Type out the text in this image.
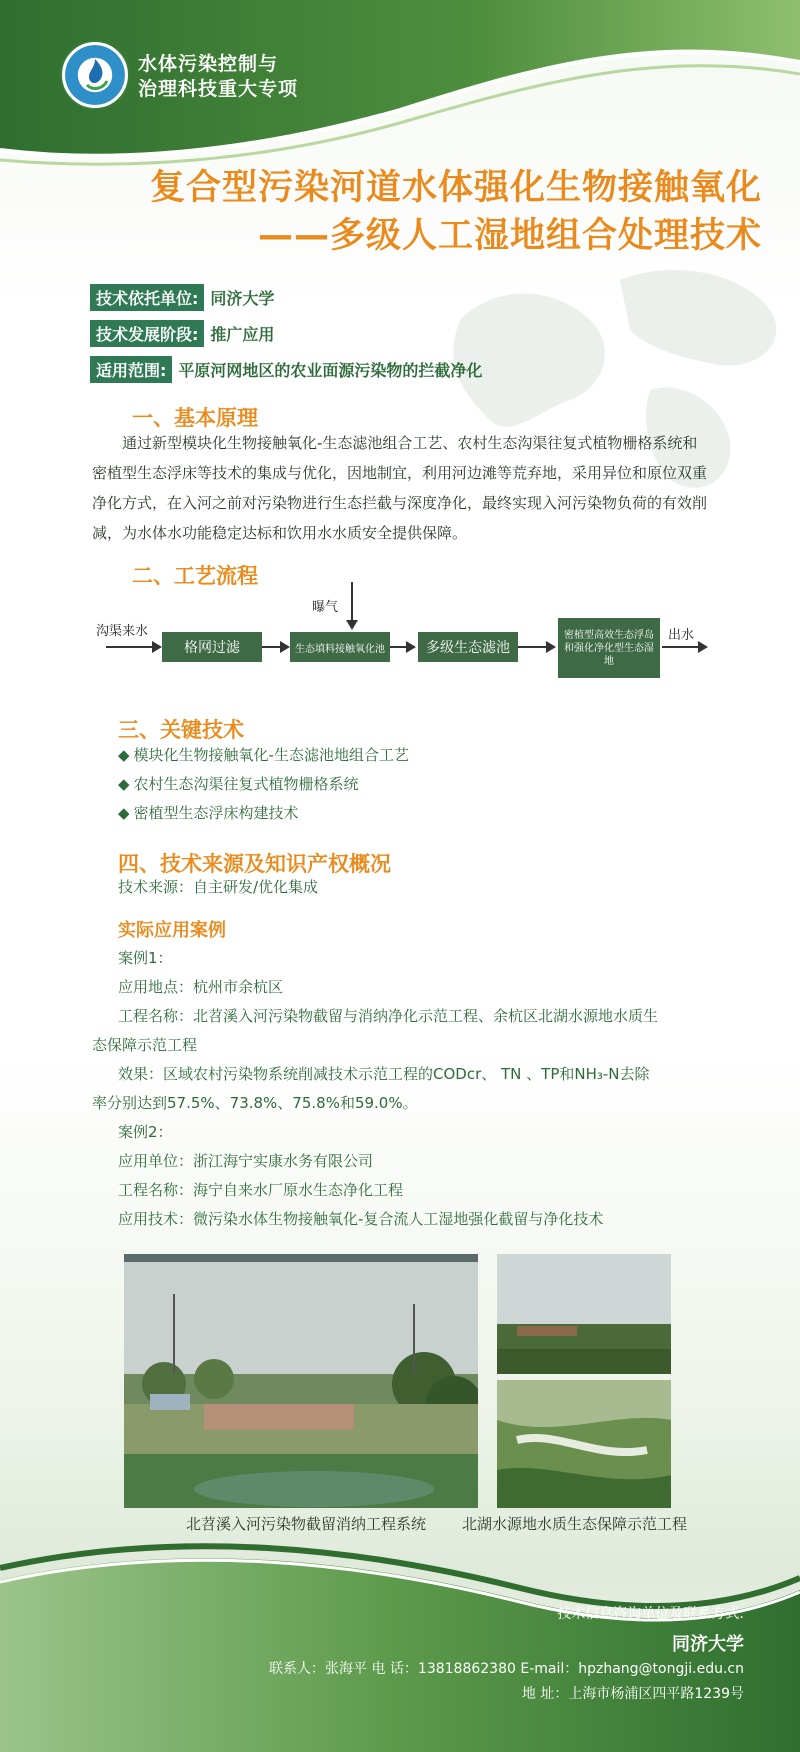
水体污染控制与
治理科技重大专项
复合型污染河道水体强化生物接触氧化
——多级人工湿地组合处理技术
技术依托单位: 同济大学
技术发展阶段: 推广应用
适用范围: 平原河网地区的农业面源污染物的拦截净化
一、基本原理
通过新型模块化生物接触氧化-生态滤池组合工艺、农村生态沟渠往复式植物栅格系统和密植型生态浮床等技术的集成与优化，因地制宜，利用河边滩等荒弃地，采用异位和原位双重净化方式，在入河之前对污染物进行生态拦截与深度净化，最终实现入河污染物负荷的有效削减，为水体水功能稳定达标和饮用水水质安全提供保障。
二、工艺流程
沟渠来水
格网过滤	生态填料接触氧化池
曝气
多级生态滤池
密植型高效生态浮岛和强化净化型生态湿地
出水
三、关键技术
◆ 模块化生物接触氧化-生态滤池地组合工艺
◆ 农村生态沟渠往复式植物栅格系统
◆ 密植型生态浮床构建技术
四、技术来源及知识产权概况
技术来源：自主研发/优化集成
实际应用案例
案例1：
应用地点：杭州市余杭区
工程名称：北苕溪入河污染物截留与消纳净化示范工程、余杭区北湖水源地水质生
态保障示范工程
效果：区域农村污染物系统削减技术示范工程的CODcr、 TN 、TP和NH₃-N去除
率分别达到57.5%、73.8%、75.8%和59.0%。
案例2：
应用单位：浙江海宁实康水务有限公司
工程名称：海宁自来水厂原水生态净化工程
应用技术：微污染水体生物接触氧化-复合流人工湿地强化截留与净化技术
北苕溪入河污染物截留消纳工程系统 北湖水源地水质生态保障示范工程
技术信息咨询单位及联系方式:
同济大学
联系人：张海平 电 话：13818862380 E-mail：hpzhang@tongji.edu.cn
地 址：上海市杨浦区四平路1239号
